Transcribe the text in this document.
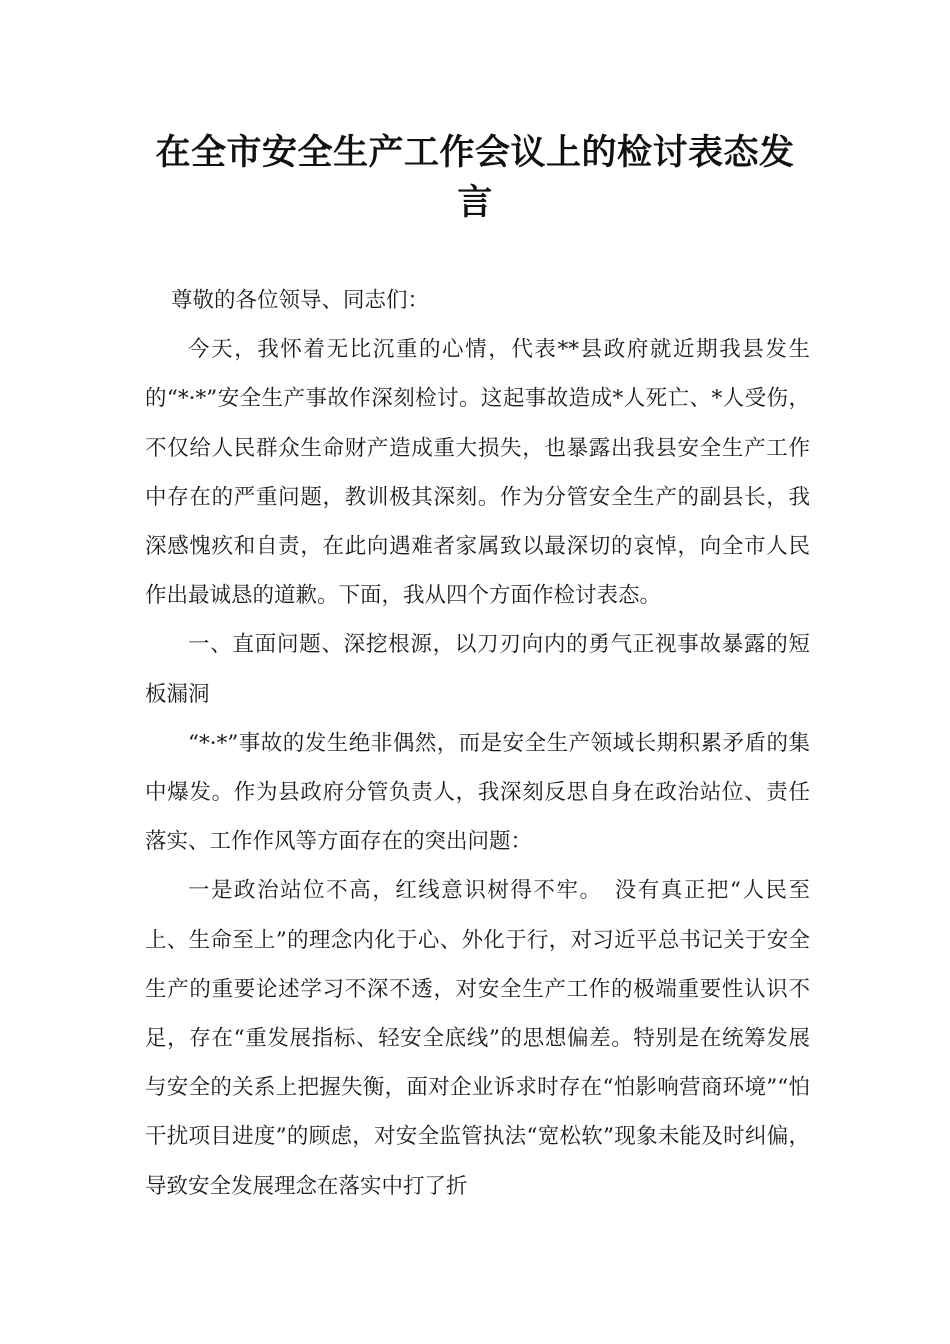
在全市安全生产工作会议上的检讨表态发言

尊敬的各位领导、同志们：

今天，我怀着无比沉重的心情，代表**县政府就近期我县发生的“*·*”安全生产事故作深刻检讨。这起事故造成*人死亡、*人受伤，不仅给人民群众生命财产造成重大损失，也暴露出我县安全生产工作中存在的严重问题，教训极其深刻。作为分管安全生产的副县长，我深感愧疚和自责，在此向遇难者家属致以最深切的哀悼，向全市人民作出最诚恳的道歉。下面，我从四个方面作检讨表态。

一、直面问题、深挖根源，以刀刃向内的勇气正视事故暴露的短板漏洞

“*·*”事故的发生绝非偶然，而是安全生产领域长期积累矛盾的集中爆发。作为县政府分管负责人，我深刻反思自身在政治站位、责任落实、工作作风等方面存在的突出问题：

一是政治站位不高，红线意识树得不牢。　没有真正把“人民至上、生命至上”的理念内化于心、外化于行，对习近平总书记关于安全生产的重要论述学习不深不透，对安全生产工作的极端重要性认识不足，存在“重发展指标、轻安全底线”的思想偏差。特别是在统筹发展与安全的关系上把握失衡，面对企业诉求时存在“怕影响营商环境”“怕干扰项目进度”的顾虑，对安全监管执法“宽松软”现象未能及时纠偏，导致安全发展理念在落实中打了折
